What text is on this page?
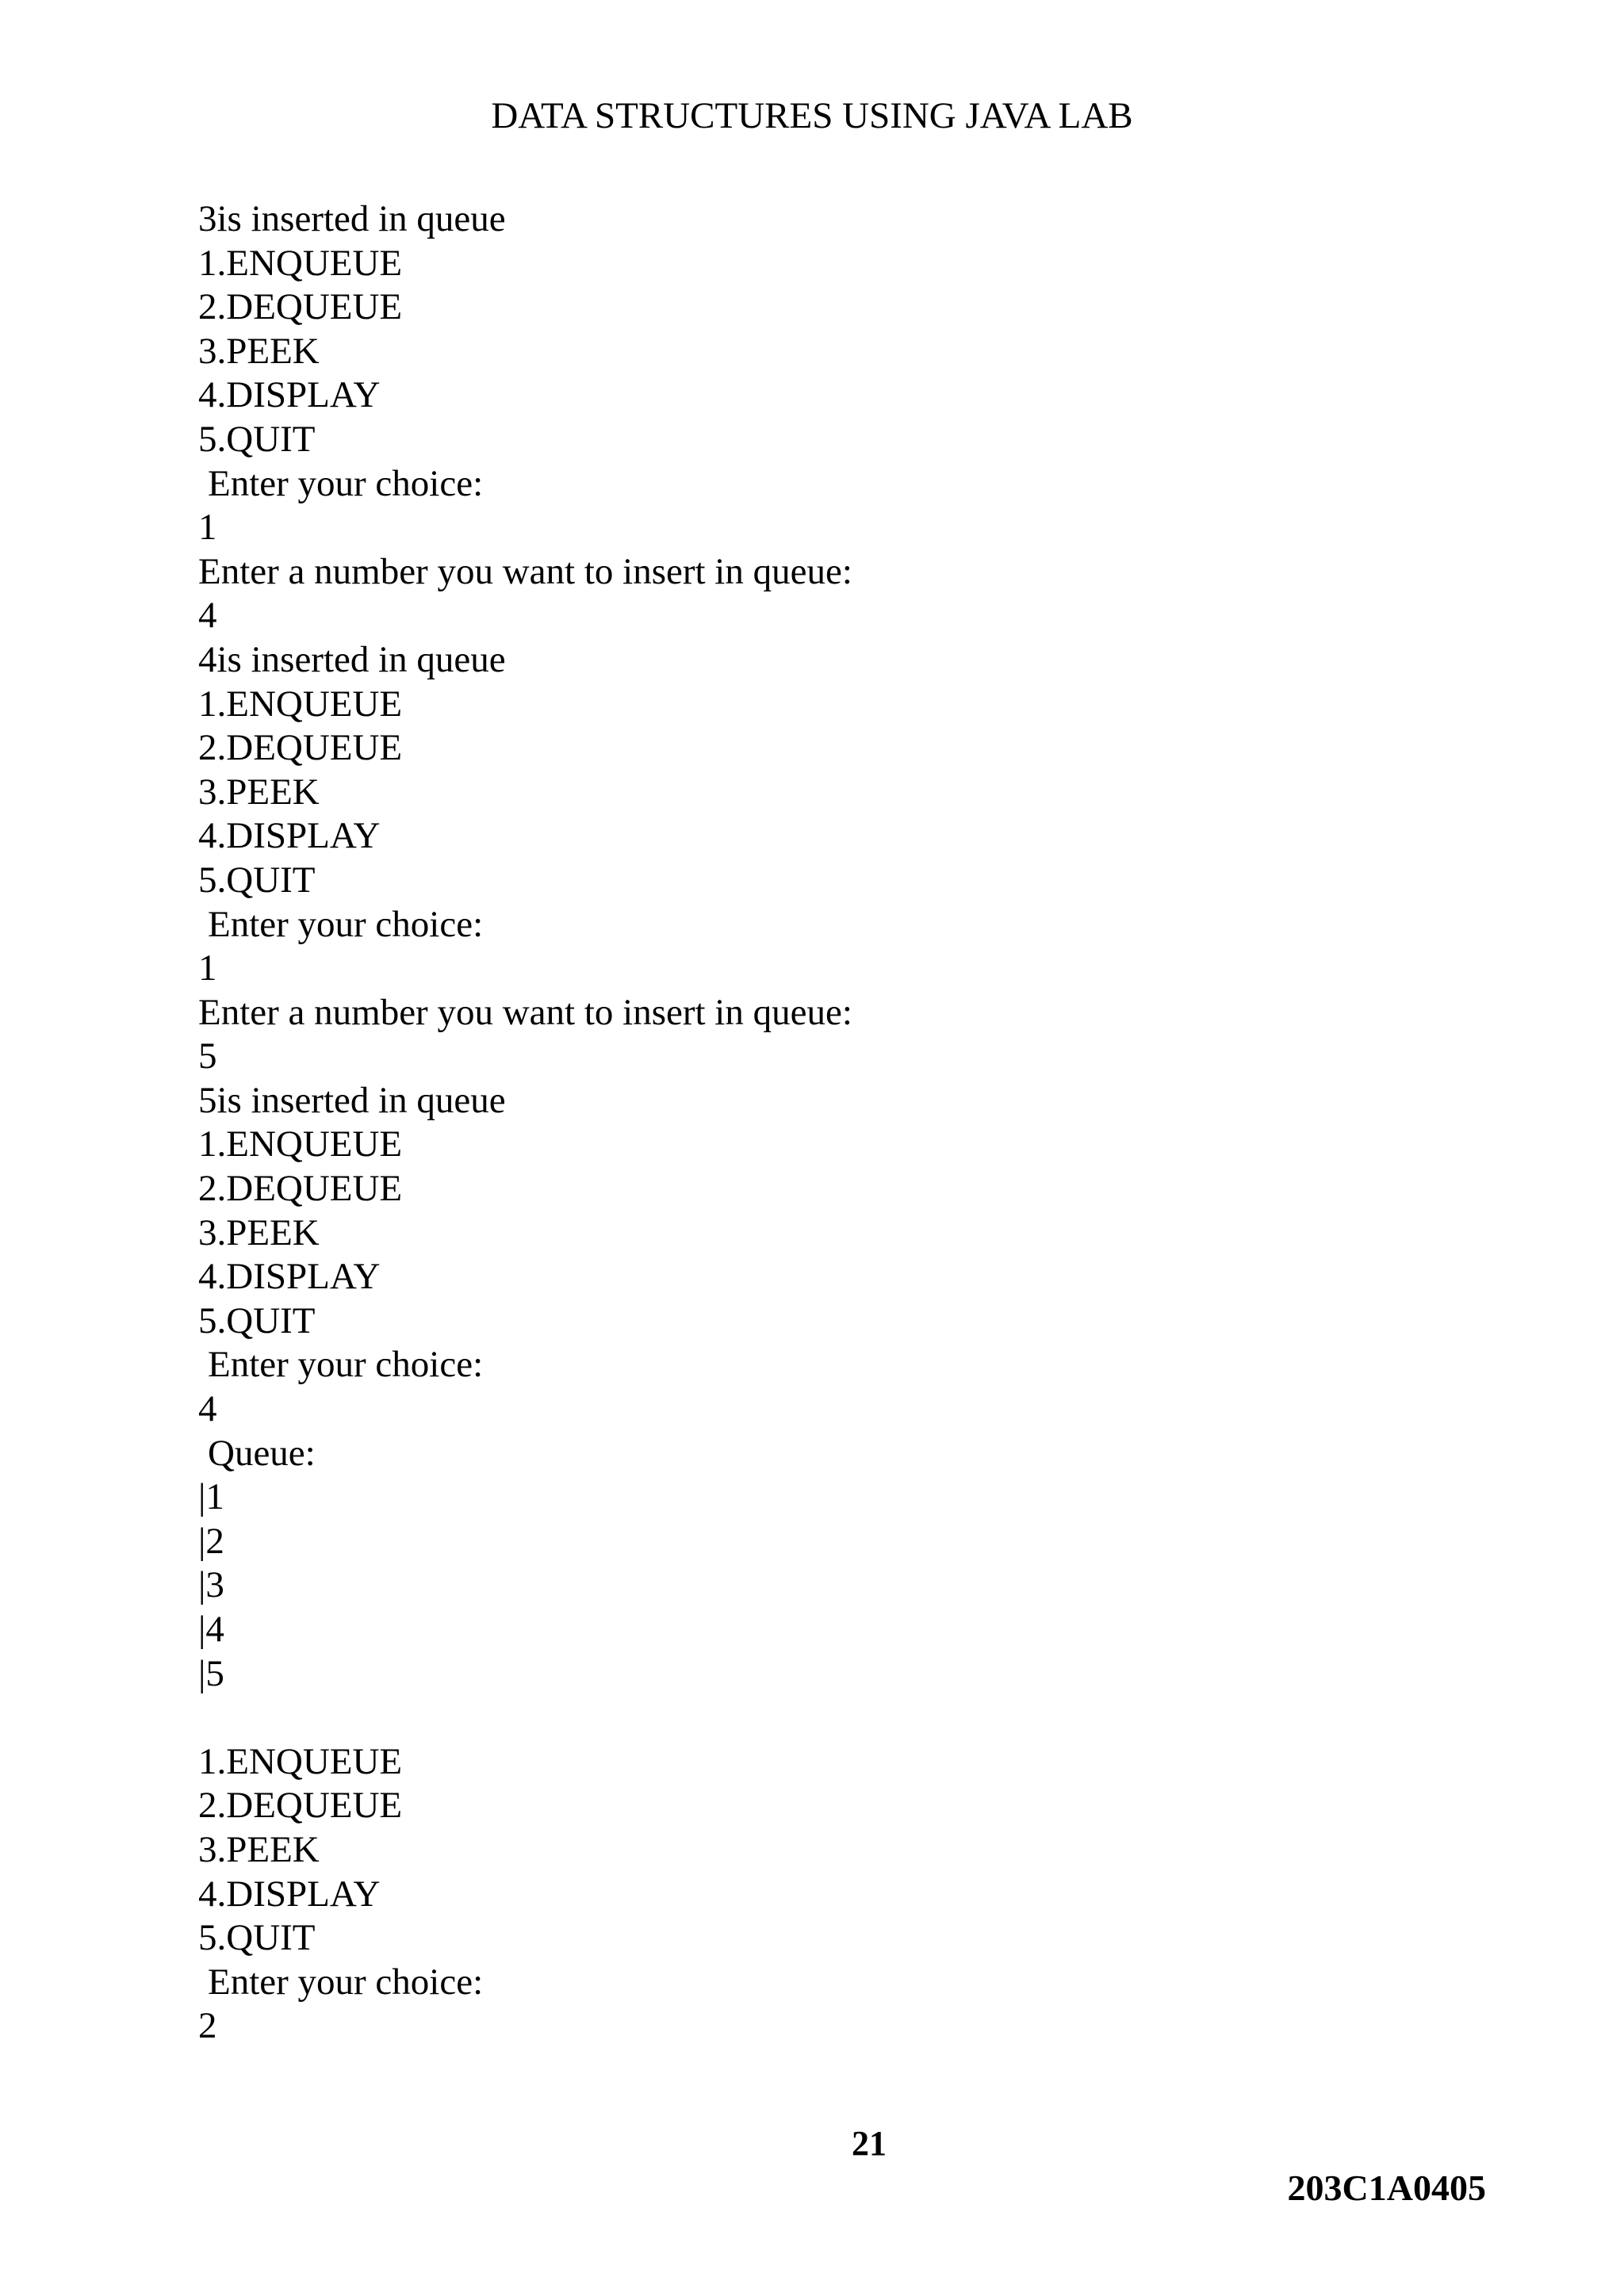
DATA STRUCTURES USING JAVA LAB
3is inserted in queue
1.ENQUEUE
2.DEQUEUE
3.PEEK
4.DISPLAY
5.QUIT
Enter your choice:
1
Enter a number you want to insert in queue:
4
4is inserted in queue
1.ENQUEUE
2.DEQUEUE
3.PEEK
4.DISPLAY
5.QUIT
Enter your choice:
1
Enter a number you want to insert in queue:
5
5is inserted in queue
1.ENQUEUE
2.DEQUEUE
3.PEEK
4.DISPLAY
5.QUIT
Enter your choice:
4
Queue:
|1
|2
|3
|4
|5
1.ENQUEUE
2.DEQUEUE
3.PEEK
4.DISPLAY
5.QUIT
Enter your choice:
2
21
203C1A0405
